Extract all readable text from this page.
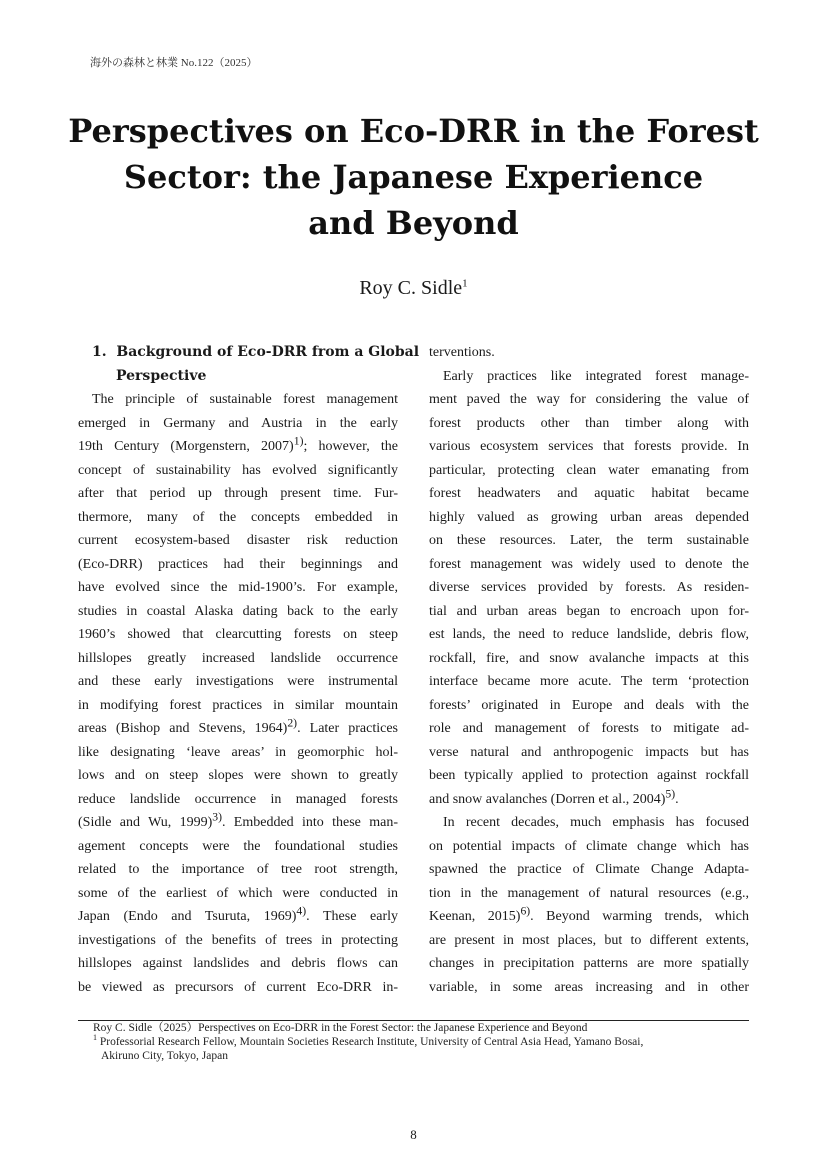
海外の森林と林業 No.122（2025）
Perspectives on Eco-DRR in the Forest
Sector: the Japanese Experience
and Beyond
Roy C. Sidle$^1$
1. Background of Eco-DRR from a Global
Perspective
The principle of sustainable forest management
emerged in Germany and Austria in the early
19th Century (Morgenstern, 2007)$^{1)}$; however, the
concept of sustainability has evolved significantly
after that period up through present time. Fur-
thermore, many of the concepts embedded in
current ecosystem-based disaster risk reduction
(Eco-DRR) practices had their beginnings and
have evolved since the mid-1900’s. For example,
studies in coastal Alaska dating back to the early
1960’s showed that clearcutting forests on steep
hillslopes greatly increased landslide occurrence
and these early investigations were instrumental
in modifying forest practices in similar mountain
areas (Bishop and Stevens, 1964)$^{2)}$. Later practices
like designating ‘leave areas’ in geomorphic hol-
lows and on steep slopes were shown to greatly
reduce landslide occurrence in managed forests
(Sidle and Wu, 1999)$^{3)}$. Embedded into these man-
agement concepts were the foundational studies
related to the importance of tree root strength,
some of the earliest of which were conducted in
Japan (Endo and Tsuruta, 1969)$^{4)}$. These early
investigations of the benefits of trees in protecting
hillslopes against landslides and debris flows can
be viewed as precursors of current Eco-DRR in-
terventions.
Early practices like integrated forest manage-
ment paved the way for considering the value of
forest products other than timber along with
various ecosystem services that forests provide. In
particular, protecting clean water emanating from
forest headwaters and aquatic habitat became
highly valued as growing urban areas depended
on these resources. Later, the term sustainable
forest management was widely used to denote the
diverse services provided by forests. As residen-
tial and urban areas began to encroach upon for-
est lands, the need to reduce landslide, debris flow,
rockfall, fire, and snow avalanche impacts at this
interface became more acute. The term ‘protection
forests’ originated in Europe and deals with the
role and management of forests to mitigate ad-
verse natural and anthropogenic impacts but has
been typically applied to protection against rockfall
and snow avalanches (Dorren et al., 2004)$^{5)}$.
In recent decades, much emphasis has focused
on potential impacts of climate change which has
spawned the practice of Climate Change Adapta-
tion in the management of natural resources (e.g.,
Keenan, 2015)$^{6)}$. Beyond warming trends, which
are present in most places, but to different extents,
changes in precipitation patterns are more spatially
variable, in some areas increasing and in other
Roy C. Sidle（2025）Perspectives on Eco-DRR in the Forest Sector: the Japanese Experience and Beyond
$^1$ Professorial Research Fellow, Mountain Societies Research Institute, University of Central Asia Head, Yamano Bosai,
Akiruno City, Tokyo, Japan
8
